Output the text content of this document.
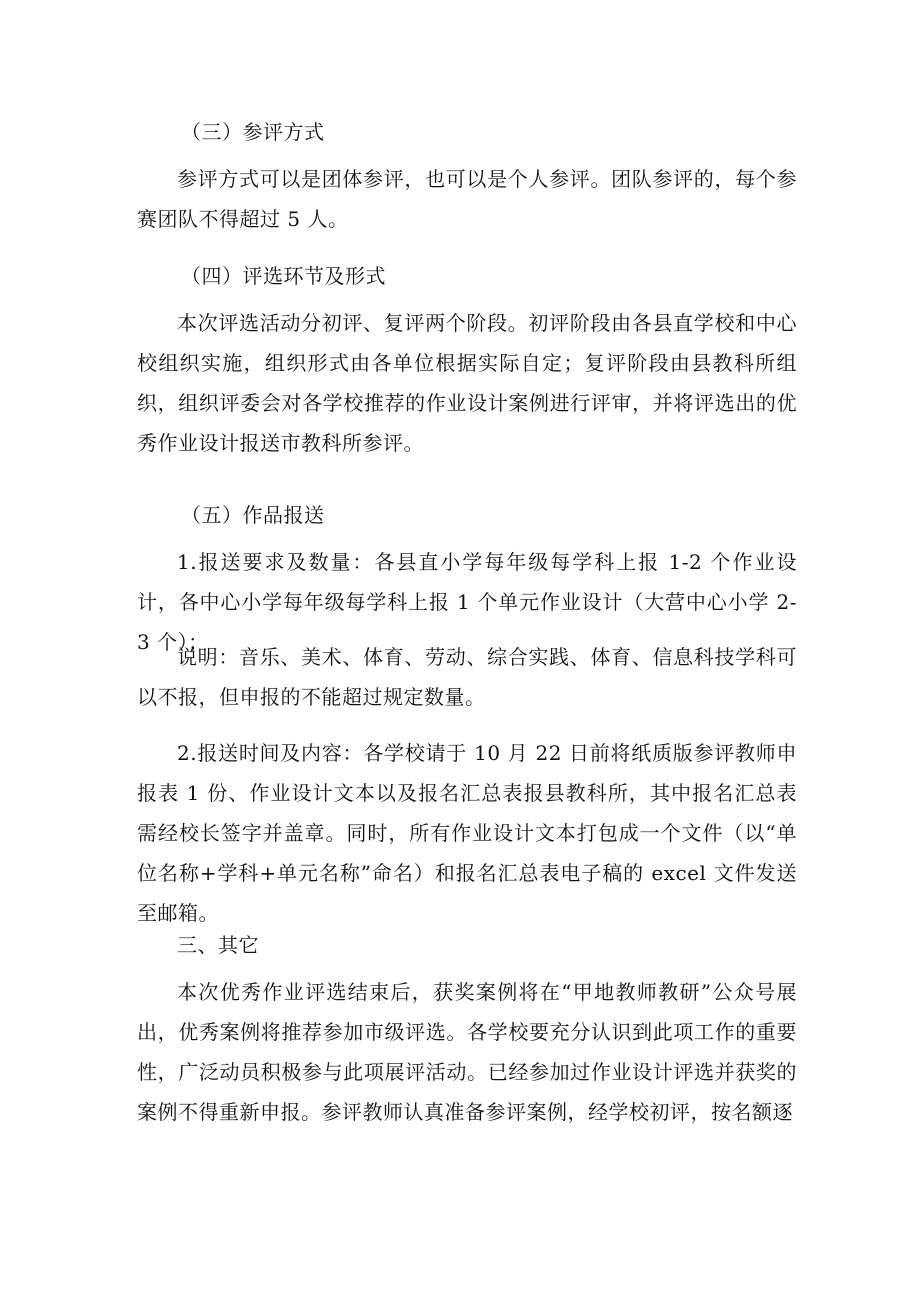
（三）参评方式

参评方式可以是团体参评，也可以是个人参评。团队参评的，每个参赛团队不得超过 5 人。

（四）评选环节及形式

本次评选活动分初评、复评两个阶段。初评阶段由各县直学校和中心校组织实施，组织形式由各单位根据实际自定；复评阶段由县教科所组织，组织评委会对各学校推荐的作业设计案例进行评审，并将评选出的优秀作业设计报送市教科所参评。

（五）作品报送

1.报送要求及数量：各县直小学每年级每学科上报 1-2 个作业设计，各中心小学每年级每学科上报 1 个单元作业设计（大营中心小学 2-3 个）；

说明：音乐、美术、体育、劳动、综合实践、体育、信息科技学科可以不报，但申报的不能超过规定数量。

2.报送时间及内容：各学校请于 10 月 22 日前将纸质版参评教师申报表 1 份、作业设计文本以及报名汇总表报县教科所，其中报名汇总表需经校长签字并盖章。同时，所有作业设计文本打包成一个文件（以“单位名称+学科+单元名称”命名）和报名汇总表电子稿的 excel 文件发送至邮箱。

三、其它

本次优秀作业评选结束后，获奖案例将在“甲地教师教研”公众号展出，优秀案例将推荐参加市级评选。各学校要充分认识到此项工作的重要性，广泛动员积极参与此项展评活动。已经参加过作业设计评选并获奖的案例不得重新申报。参评教师认真准备参评案例，经学校初评，按名额逐
